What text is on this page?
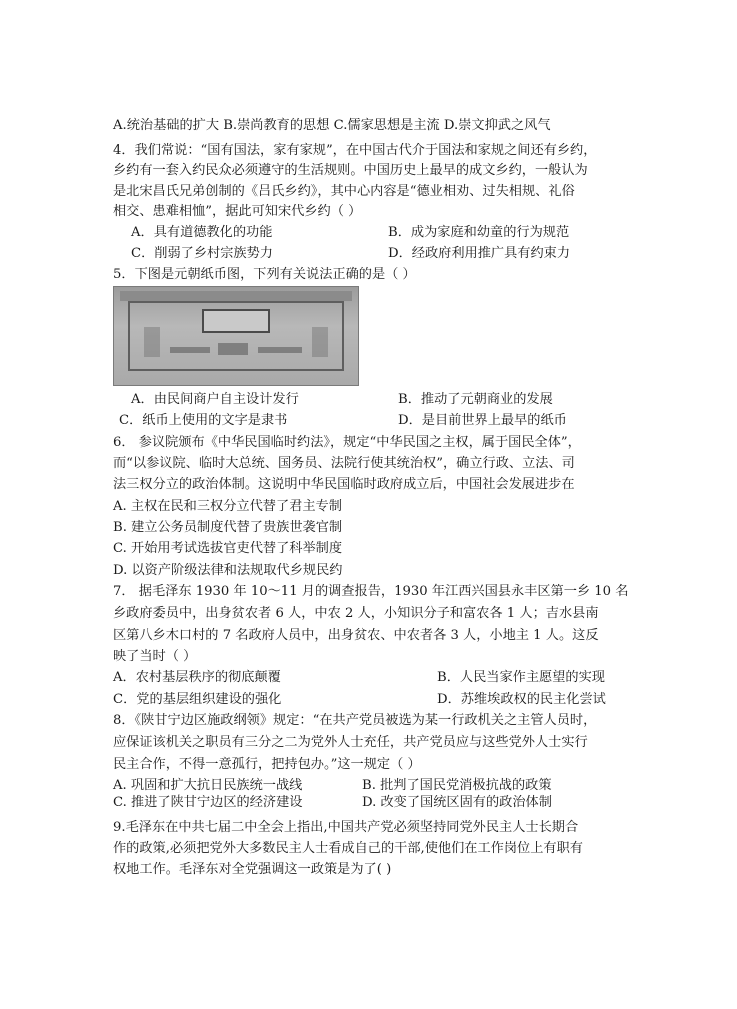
A.统治基础的扩大 B.崇尚教育的思想 C.儒家思想是主流 D.崇文抑武之风气
4．我们常说：“国有国法，家有家规”，在中国古代介于国法和家规之间还有乡约，
乡约有一套入约民众必须遵守的生活规则。中国历史上最早的成文乡约，一般认为
是北宋昌氏兄弟创制的《吕氏乡约》，其中心内容是“德业相劝、过失相规、礼俗
相交、患难相恤”，据此可知宋代乡约（ ）
A．具有道德教化的功能	B．成为家庭和幼童的行为规范
C．削弱了乡村宗族势力	D．经政府利用推广具有约束力
5．下图是元朝纸币图，下列有关说法正确的是（ ）
A．由民间商户自主设计发行	B．推动了元朝商业的发展
C．纸币上使用的文字是隶书	D．是目前世界上最早的纸币
6． 参议院颁布《中华民国临时约法》，规定“中华民国之主权，属于国民全体”，
而“以参议院、临时大总统、国务员、法院行使其统治权”，确立行政、立法、司
法三权分立的政治体制。这说明中华民国临时政府成立后，中国社会发展进步在
A. 主权在民和三权分立代替了君主专制
B. 建立公务员制度代替了贵族世袭官制
C. 开始用考试选拔官吏代替了科举制度
D. 以资产阶级法律和法规取代乡规民约
7． 据毛泽东 1930 年 10～11 月的调查报告，1930 年江西兴国县永丰区第一乡 10 名
乡政府委员中，出身贫农者 6 人，中农 2 人，小知识分子和富农各 1 人；吉水县南
区第八乡木口村的 7 名政府人员中，出身贫农、中农者各 3 人，小地主 1 人。这反
映了当时（ ）
A．农村基层秩序的彻底颠覆	B．人民当家作主愿望的实现
C．党的基层组织建设的强化	D．苏维埃政权的民主化尝试
8．《陕甘宁边区施政纲领》规定：“在共产党员被选为某一行政机关之主管人员时，
应保证该机关之职员有三分之二为党外人士充任，共产党员应与这些党外人士实行
民主合作，不得一意孤行，把持包办。”这一规定（ ）
A. 巩固和扩大抗日民族统一战线	B. 批判了国民党消极抗战的政策
C. 推进了陕甘宁边区的经济建设	D. 改变了国统区固有的政治体制
9.毛泽东在中共七届二中全会上指出,中国共产党必须坚持同党外民主人士长期合
作的政策,必须把党外大多数民主人士看成自己的干部,使他们在工作岗位上有职有
权地工作。毛泽东对全党强调这一政策是为了( )
